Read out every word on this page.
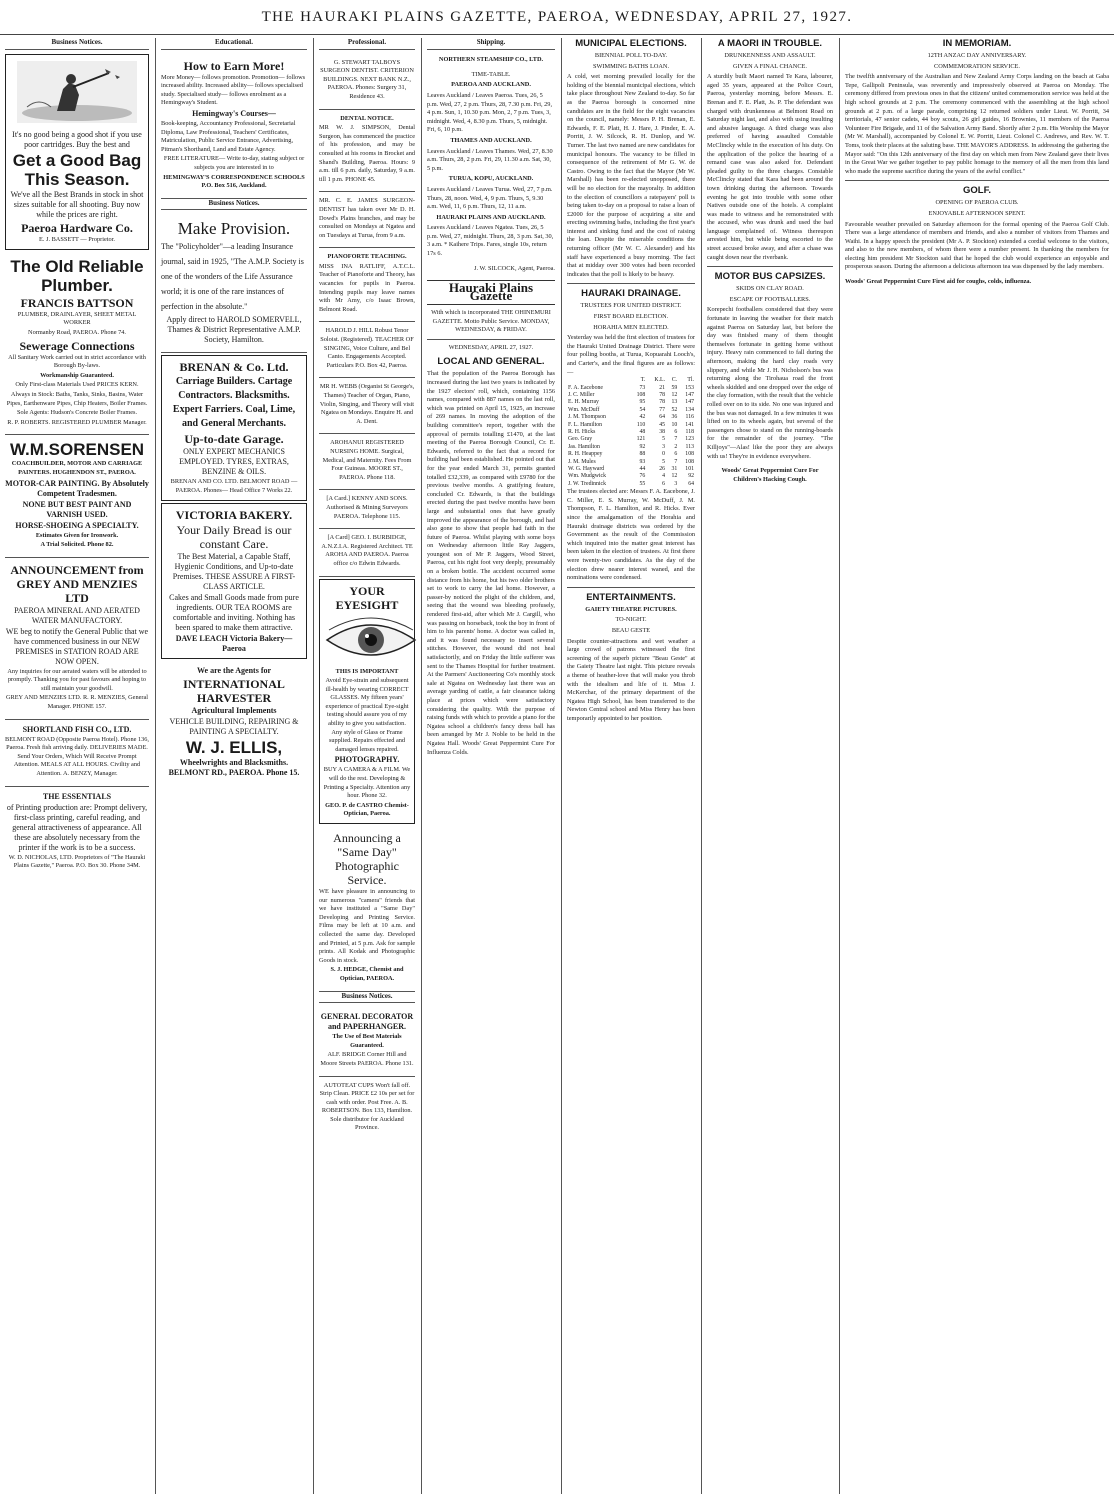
THE HAURAKI PLAINS GAZETTE, PAEROA, WEDNESDAY, APRIL 27, 1927.
Business Notices.

It's no good being a good shot if you use poor cartridges. Buy the best and

Get a Good Bag This Season.

We've all the Best Brands in stock in shot sizes suitable for all shooting. Buy now while the prices are right.

Paeroa Hardware Co.

E. J. BASSETT — Proprietor.

The Old Reliable Plumber.

FRANCIS BATTSON

PLUMBER, DRAINLAYER, SHEET METAL WORKER

Normanby Road, PAEROA. Phone 74.

Sewerage Connections

All Sanitary Work carried out in strict accordance with Borough By-laws.

Workmanship Guaranteed.

Only First-class Materials Used PRICES KERN.

Always in Stock: Baths, Tanks, Sinks, Basins, Water Pipes, Earthenware Pipes, Chip Heaters, Boiler Frames.

Sole Agents: Hudson's Concrete Boiler Frames.

R. P. ROBERTS. REGISTERED PLUMBER Manager.

W.M.SORENSEN

COACHBUILDER, MOTOR AND CARRIAGE PAINTERS. HUGHENDON ST., PAEROA.

MOTOR-CAR PAINTING. By Absolutely Competent Tradesmen.

NONE BUT BEST PAINT AND VARNISH USED.

HORSE-SHOEING A SPECIALTY.

Estimates Given for Ironwork.

A Trial Solicited. Phone 82.

ANNOUNCEMENT from GREY AND MENZIES LTD

PAEROA MINERAL AND AERATED WATER MANUFACTORY.

WE beg to notify the General Public that we have commenced business in our NEW PREMISES in STATION ROAD ARE NOW OPEN.

Any inquiries for our aerated waters will be attended to promptly. Thanking you for past favours and hoping to still maintain your goodwill.

GREY AND MENZIES LTD. R. R. MENZIES, General Manager. PHONE 157.

SHORTLAND FISH CO., LTD.

BELMONT ROAD (Opposite Paeroa Hotel). Phone 136, Paeroa. Fresh fish arriving daily. DELIVERIES MADE. Send Your Orders, Which Will Receive Prompt Attention. MEALS AT ALL HOURS. Civility and Attention. A. BENZY, Manager.

THE ESSENTIALS

of Printing production are: Prompt delivery, first-class printing, careful reading, and general attractiveness of appearance. All these are absolutely necessary from the printer if the work is to be a success.

W. D. NICHOLAS, LTD. Proprietors of "The Hauraki Plains Gazette," Paeroa. P.O. Box 30. Phone 34M.

Educational.

How to Earn More!

More Money— follows promotion. Promotion— follows increased ability. Increased ability— follows specialised study. Specialised study— follows enrolment as a Hemingway's Student.

Hemingway's Courses—

Book-keeping, Accountancy Professional, Secretarial Diploma, Law Professional, Teachers' Certificates, Matriculation, Public Service Entrance, Advertising, Pitman's Shorthand, Land and Estate Agency.

FREE LITERATURE— Write to-day, stating subject or subjects you are interested in to

HEMINGWAY'S CORRESPONDENCE SCHOOLS P.O. Box 516, Auckland.

Business Notices.

Make Provision.

The "Policyholder"—a leading Insurance journal, said in 1925, "The A.M.P. Society is one of the wonders of the Life Assurance world; it is one of the rare instances of perfection in the absolute."

Apply direct to HAROLD SOMERVELL, Thames & District Representative A.M.P. Society, Hamilton.

BRENAN & Co. Ltd.

Carriage Builders. Cartage Contractors. Blacksmiths. Expert Farriers. Coal, Lime, and General Merchants.

Up-to-date Garage.

ONLY EXPERT MECHANICS EMPLOYED. TYRES, EXTRAS, BENZINE & OILS.

BRENAN AND CO. LTD. BELMONT ROAD — PAEROA. Phones— Head Office 7 Works 22.

VICTORIA BAKERY.

Your Daily Bread is our constant Care.

The Best Material, a Capable Staff, Hygienic Conditions, and Up-to-date Premises. THESE ASSURE A FIRST-CLASS ARTICLE.

Cakes and Small Goods made from pure ingredients. OUR TEA ROOMS are comfortable and inviting. Nothing has been spared to make them attractive.

DAVE LEACH Victoria Bakery—Paeroa

We are the Agents for

INTERNATIONAL HARVESTER

Agricultural Implements

VEHICLE BUILDING, REPAIRING & PAINTING A SPECIALTY.

W. J. ELLIS,

Wheelwrights and Blacksmiths. BELMONT RD., PAEROA. Phone 15.

Professional.

G. STEWART TALBOYS SURGEON DENTIST. CRITERION BUILDINGS. NEXT BANK N.Z., PAEROA. Phones: Surgery 31, Residence 43.

DENTAL NOTICE.

MR W. J. SIMPSON, Dental Surgeon, has commenced the practice of his profession, and may be consulted at his rooms in Brocket and Shand's Building, Paeroa. Hours: 9 a.m. till 6 p.m. daily, Saturday, 9 a.m. till 1 p.m. PHONE 45.

MR. C. E. JAMES SURGEON-DENTIST has taken over Mr D. H. Dowd's Plains branches, and may be consulted on Mondays at Ngatea and on Tuesdays at Turua, from 9 a.m.

PIANOFORTE TEACHING.

MISS INA RATLIFF, A.T.C.L. Teacher of Pianoforte and Theory, has vacancies for pupils in Paeroa. Intending pupils may leave names with Mr Amy, c/o Isaac Brown, Belmont Road.

HAROLD J. HILL Robust Tenor Soloist. (Registered). TEACHER OF SINGING, Voice Culture, and Bel Canto. Engagements Accepted. Particulars P.O. Box 42, Paeroa.

MR H. WEBB (Organist St George's, Thames) Teacher of Organ, Piano, Violin, Singing, and Theory will visit Ngatea on Mondays. Enquire H. and A. Dent.

AROHANUI REGISTERED NURSING HOME. Surgical, Medical, and Maternity. Fees From Four Guineas. MOORE ST., PAEROA. Phone 118.

[A Card.] KENNY AND SONS. Authorised & Mining Surveyors PAEROA. Telephone 115.

[A Card] GEO. I. BURBIDGE, A.N.Z.I.A. Registered Architect. TE AROHA AND PAEROA. Paeroa office c/o Edwin Edwards.

YOUR EYESIGHT

THIS IS IMPORTANT

Avoid Eye-strain and subsequent ill-health by wearing CORRECT GLASSES. My fifteen years' experience of practical Eye-sight testing should assure you of my ability to give you satisfaction. Any style of Glass or Frame supplied. Repairs effected and damaged lenses repaired.

PHOTOGRAPHY.

BUY A CAMERA & A FILM. We will do the rest. Developing & Printing a Specialty. Attention any hour. Phone 32.

GEO. P. de CASTRO Chemist-Optician, Paeroa.

Announcing a "Same Day" Photographic Service.

WE have pleasure in announcing to our numerous "camera" friends that we have instituted a "Same Day" Developing and Printing Service. Films may be left at 10 a.m. and collected the same day. Developed and Printed, at 5 p.m. Ask for sample prints. All Kodak and Photographic Goods in stock.

S. J. HEDGE, Chemist and Optician, PAEROA.

Business Notices.

GENERAL DECORATOR and PAPERHANGER.

The Use of Best Materials Guaranteed.

ALF. BRIDGE Corner Hill and Moore Streets PAEROA. Phone 131.

AUTOTEAT CUPS Won't fall off. Strip Clean. PRICE £2 10s per set for cash with order. Post Free. A. B. ROBERTSON. Box 133, Hamilton. Sole distributor for Auckland Province.

Shipping.

NORTHERN STEAMSHIP CO., LTD.

TIME-TABLE.

PAEROA AND AUCKLAND.

Leaves Auckland / Leaves Paeroa. Tues, 26, 5 p.m. Wed, 27, 2 p.m. Thurs, 28, 7.30 p.m. Fri, 29, 4 p.m. Sun, 1, 10.30 p.m. Mon, 2, 7 p.m. Tues, 3, midnight. Wed, 4, 8.30 p.m. Thurs, 5, midnight. Fri, 6, 10 p.m.

THAMES AND AUCKLAND.

Leaves Auckland / Leaves Thames. Wed, 27, 8.30 a.m. Thurs, 28, 2 p.m. Fri, 29, 11.30 a.m. Sat, 30, 5 p.m.

TURUA, KOPU, AUCKLAND.

Leaves Auckland / Leaves Turua. Wed, 27, 7 p.m. Thurs, 28, noon. Wed, 4, 9 p.m. Thurs, 5, 9.30 a.m. Wed, 11, 6 p.m. Thurs, 12, 11 a.m.

HAURAKI PLAINS AND AUCKLAND.

Leaves Auckland / Leaves Ngatea. Tues, 26, 5 p.m. Wed, 27, midnight. Thurs, 28, 3 p.m. Sat, 30, 3 a.m. * Kaihere Trips. Fares, single 10s, return 17s 6.

J. W. SILCOCK, Agent, Paeroa.

Hauraki Plains Gazette

With which is incorporated THE OHINEMURI GAZETTE. Motto Public Service. MONDAY, WEDNESDAY, & FRIDAY.

WEDNESDAY, APRIL 27, 1927.

LOCAL AND GENERAL.

That the population of the Paeroa Borough has increased during the last two years is indicated by the 1927 electors' roll, which, containing 1156 names, compared with 887 names on the last roll, which was printed on April 15, 1925, an increase of 269 names. In moving the adoption of the building committee's report, together with the approval of permits totalling £1470, at the last meeting of the Paeroa Borough Council, Cr. E. Edwards, referred to the fact that a record for building had been established. He pointed out that for the year ended March 31, permits granted totalled £32,339, as compared with £9780 for the previous twelve months. A gratifying feature, concluded Cr. Edwards, is that the buildings erected during the past twelve months have been large and substantial ones that have greatly improved the appearance of the borough, and had also gone to show that people had faith in the future of Paeroa. Whilst playing with some boys on Wednesday afternoon little Ray Jaggers, youngest son of Mr P. Jaggers, Wood Street, Paeroa, cut his right foot very deeply, presumably on a broken bottle. The accident occurred some distance from his home, but his two older brothers set to work to carry the lad home. However, a passer-by noticed the plight of the children, and, seeing that the wound was bleeding profusely, rendered first-aid, after which Mr J. Cargill, who was passing on horseback, took the boy in front of him to his parents' home. A doctor was called in, and it was found necessary to insert several stitches. However, the wound did not heal satisfactorily, and on Friday the little sufferer was sent to the Thames Hospital for further treatment. At the Parmers' Auctioneering Co's monthly stock sale at Ngatea on Wednesday last there was an average yarding of cattle, a fair clearance taking place at prices which were satisfactory considering the quality. With the purpose of raising funds with which to provide a piano for the Ngatea school a children's fancy dress ball has been arranged by Mr J. Noble to be held in the Ngatea Hall. Woods' Great Peppermint Cure For Influenza Colds.

MUNICIPAL ELECTIONS.

BIENNIAL POLL TO-DAY.

SWIMMING BATHS LOAN.

A cold, wet morning prevailed locally for the holding of the biennial municipal elections, which take place throughout New Zealand to-day. So far as the Paeroa borough is concerned nine candidates are in the field for the eight vacancies on the council, namely: Messrs P. H. Brenan, E. Edwards, F. E. Platt, H. J. Hare, J. Pinder, E. A. Porritt, J. W. Silcock, R. H. Dunlop, and W. Turner. The last two named are new candidates for municipal honours. The vacancy to be filled in consequence of the retirement of Mr G. W. de Castro. Owing to the fact that the Mayor (Mr W. Marshall) has been re-elected unopposed, there will be no election for the mayoralty. In addition to the election of councillors a ratepayers' poll is being taken to-day on a proposal to raise a loan of £2000 for the purpose of acquiring a site and erecting swimming baths, including the first year's interest and sinking fund and the cost of raising the loan. Despite the miserable conditions the returning officer (Mr W. C. Alexander) and his staff have experienced a busy morning. The fact that at midday over 300 votes had been recorded indicates that the poll is likely to be heavy.

HAURAKI DRAINAGE.

TRUSTEES FOR UNITED DISTRICT.

FIRST BOARD ELECTION.

HORAHIA MEN ELECTED.

Yesterday was held the first election of trustees for the Hauraki United Drainage District. There were four polling booths, at Turua, Kopuarahi Looch's, and Carter's, and the final figures are as follows:—

	T.	K.L.	C.	Tl.
F. A. Eacebone	73	21	59	153
J. C. Miller	108	78	12	147
E. H. Murray	95	78	13	147
Wm. McDuff	54	77	52	134
J. M. Thompson	42	64	36	116
F. L. Hamilton	110	45	10	141
R. H. Hicks	48	38	6	118
Geo. Gray	121	5	7	123
Jas. Hamilton	92	3	2	113
R. H. Heappey	88	0	6	108
J. M. Mules	93	5	7	108
W. G. Hayward	44	26	31	101
Wm. Mudgwick	76	4	12	92
J. W. Tredinnick	55	6	3	64

The trustees elected are: Messrs F. A. Eacebone, J. C. Miller, E. S. Murray, W. McDuff, J. M. Thompson, F. L. Hamilton, and R. Hicks. Ever since the amalgamation of the Horahia and Hauraki drainage districts was ordered by the Government as the result of the Commission which inquired into the matter great interest has been taken in the election of trustees. At first there were twenty-two candidates. As the day of the election drew nearer interest waned, and the nominations were condensed.

ENTERTAINMENTS.

GAIETY THEATRE PICTURES.

TO-NIGHT.

BEAU GESTE

Despite counter-attractions and wet weather a large crowd of patrons witnessed the first screening of the superb picture "Beau Geste" at the Gaiety Theatre last night. This picture reveals a theme of heather-love that will make you throb with the idealism and life of it. Miss J. McKerchar, of the primary department of the Ngatea High School, has been transferred to the Newton Central school and Miss Henry has been temporarily appointed to her position.

A MAORI IN TROUBLE.

DRUNKENNESS AND ASSAULT.

GIVEN A FINAL CHANCE.

A sturdily built Maori named Te Kara, labourer, aged 35 years, appeared at the Police Court, Paeroa, yesterday morning, before Messrs. E. Brenan and F. E. Platt, Js. P. The defendant was charged with drunkenness at Belmont Road on Saturday night last, and also with using insulting and abusive language. A third charge was also preferred of having assaulted Constable McClincky while in the execution of his duty. On the application of the police the hearing of a remand case was also asked for. Defendant pleaded guilty to the three charges. Constable McClincky stated that Kara had been around the town drinking during the afternoon. Towards evening he got into trouble with some other Natives outside one of the hotels. A complaint was made to witness and he remonstrated with the accused, who was drunk and used the bad language complained of. Witness thereupon arrested him, but while being escorted to the street accused broke away, and after a chase was caught down near the riverbank.

MOTOR BUS CAPSIZES.

SKIDS ON CLAY ROAD.

ESCAPE OF FOOTBALLERS.

Korepechi footballers considered that they were fortunate in leaving the weather for their match against Paeroa on Saturday last, but before the day was finished many of them thought themselves fortunate in getting home without injury. Heavy rain commenced to fall during the afternoon, making the hard clay roads very slippery, and while Mr J. H. Nicholson's bus was returning along the Tirohaua road the front wheels skidded and one dropped over the edge of the clay formation, with the result that the vehicle rolled over on to its side. No one was injured and the bus was not damaged. In a few minutes it was lifted on to its wheels again, but several of the passengers chose to stand on the running-boards for the remainder of the journey. "The Killjoys"—Alas! like the poor they are always with us! They're in evidence everywhere.

Woods' Great Peppermint Cure For Children's Hacking Cough.

IN MEMORIAM.

12TH ANZAC DAY ANNIVERSARY.

COMMEMORATION SERVICE.

The twelfth anniversary of the Australian and New Zealand Army Corps landing on the beach at Gaba Tepe, Gallipoli Peninsula, was reverently and impressively observed at Paeroa on Monday. The ceremony differed from previous ones in that the citizens' united commemoration service was held at the high school grounds at 2 p.m. The ceremony commenced with the assembling at the high school grounds at 2 p.m. of a large parade, comprising 12 returned soldiers under Lieut. W. Porritt, 34 territorials, 47 senior cadets, 44 boy scouts, 26 girl guides, 16 Brownies, 11 members of the Paeroa Volunteer Fire Brigade, and 11 of the Salvation Army Band. Shortly after 2 p.m. His Worship the Mayor (Mr W. Marshall), accompanied by Colonel E. W. Porritt, Lieut. Colonel C. Andrews, and Rev. W. T. Toms, took their places at the saluting base. THE MAYOR'S ADDRESS. In addressing the gathering the Mayor said: "On this 12th anniversary of the first day on which men from New Zealand gave their lives in the Great War we gather together to pay public homage to the memory of all the men from this land who made the supreme sacrifice during the years of the awful conflict."

GOLF.

OPENING OF PAEROA CLUB.

ENJOYABLE AFTERNOON SPENT.

Favourable weather prevailed on Saturday afternoon for the formal opening of the Paeroa Golf Club. There was a large attendance of members and friends, and also a number of visitors from Thames and Waihi. In a happy speech the president (Mr A. P. Stockton) extended a cordial welcome to the visitors, and also to the new members, of whom there were a number present. In thanking the members for electing him president Mr Stockton said that he hoped the club would experience an enjoyable and prosperous season. During the afternoon a delicious afternoon tea was dispensed by the lady members.

Woods' Great Peppermint Cure First aid for coughs, colds, influenza.
